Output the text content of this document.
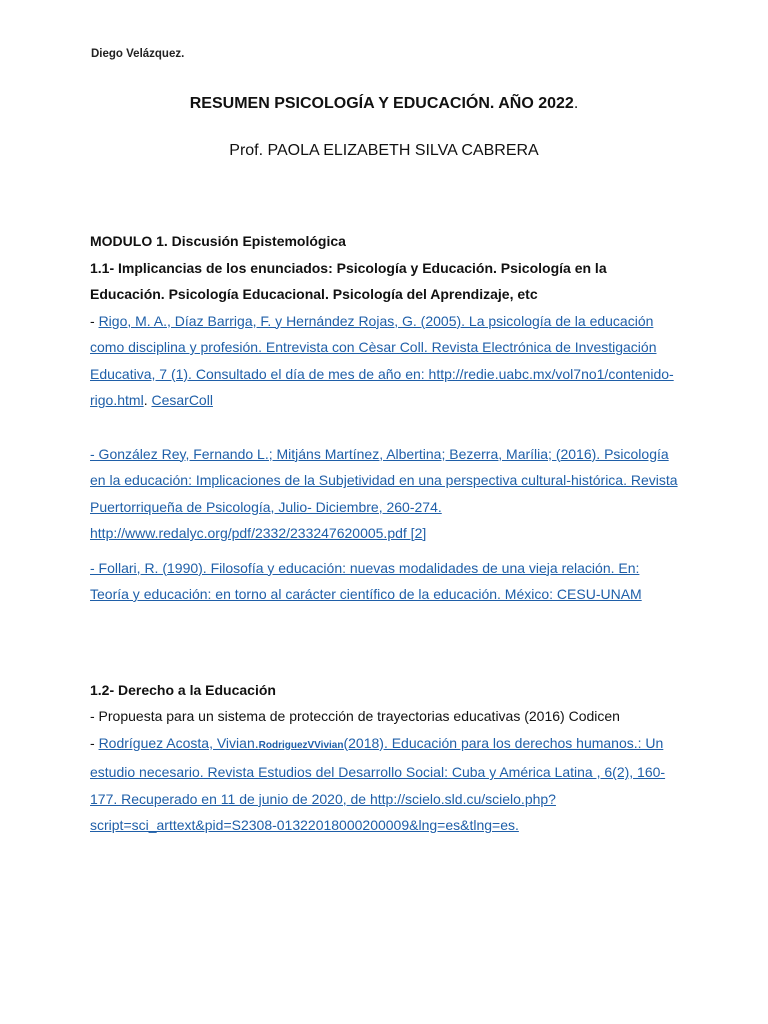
Diego Velázquez.
RESUMEN PSICOLOGÍA Y EDUCACIÓN. AÑO 2022.
Prof. PAOLA ELIZABETH SILVA CABRERA

MODULO 1. Discusión Epistemológica

1.1- Implicancias de los enunciados: Psicología y Educación. Psicología en la Educación. Psicología Educacional. Psicología del Aprendizaje, etc

- Rigo, M. A., Díaz Barriga, F. y Hernández Rojas, G. (2005). La psicología de la educación como disciplina y profesión. Entrevista con Cèsar Coll. Revista Electrónica de Investigación Educativa, 7 (1). Consultado el día de mes de año en: http://redie.uabc.mx/vol7no1/contenido-rigo.html. CesarColl

- González Rey, Fernando L.; Mitjáns Martínez, Albertina; Bezerra, Marília; (2016). Psicología en la educación: Implicaciones de la Subjetividad en una perspectiva cultural-histórica. Revista Puertorriqueña de Psicología, Julio- Diciembre, 260-274. http://www.redalyc.org/pdf/2332/233247620005.pdf [2]

- Follari, R. (1990). Filosofía y educación: nuevas modalidades de una vieja relación. En: Teoría y educación: en torno al carácter científico de la educación. México: CESU-UNAM

1.2- Derecho a la Educación

- Propuesta para un sistema de protección de trayectorias educativas (2016) Codicen

- Rodríguez Acosta, Vivian.RodriguezVVivian(2018). Educación para los derechos humanos.: Un estudio necesario. Revista Estudios del Desarrollo Social: Cuba y América Latina , 6(2), 160-177. Recuperado en 11 de junio de 2020, de http://scielo.sld.cu/scielo.php?script=sci_arttext&pid=S2308-01322018000200009&lng=es&tlng=es.
